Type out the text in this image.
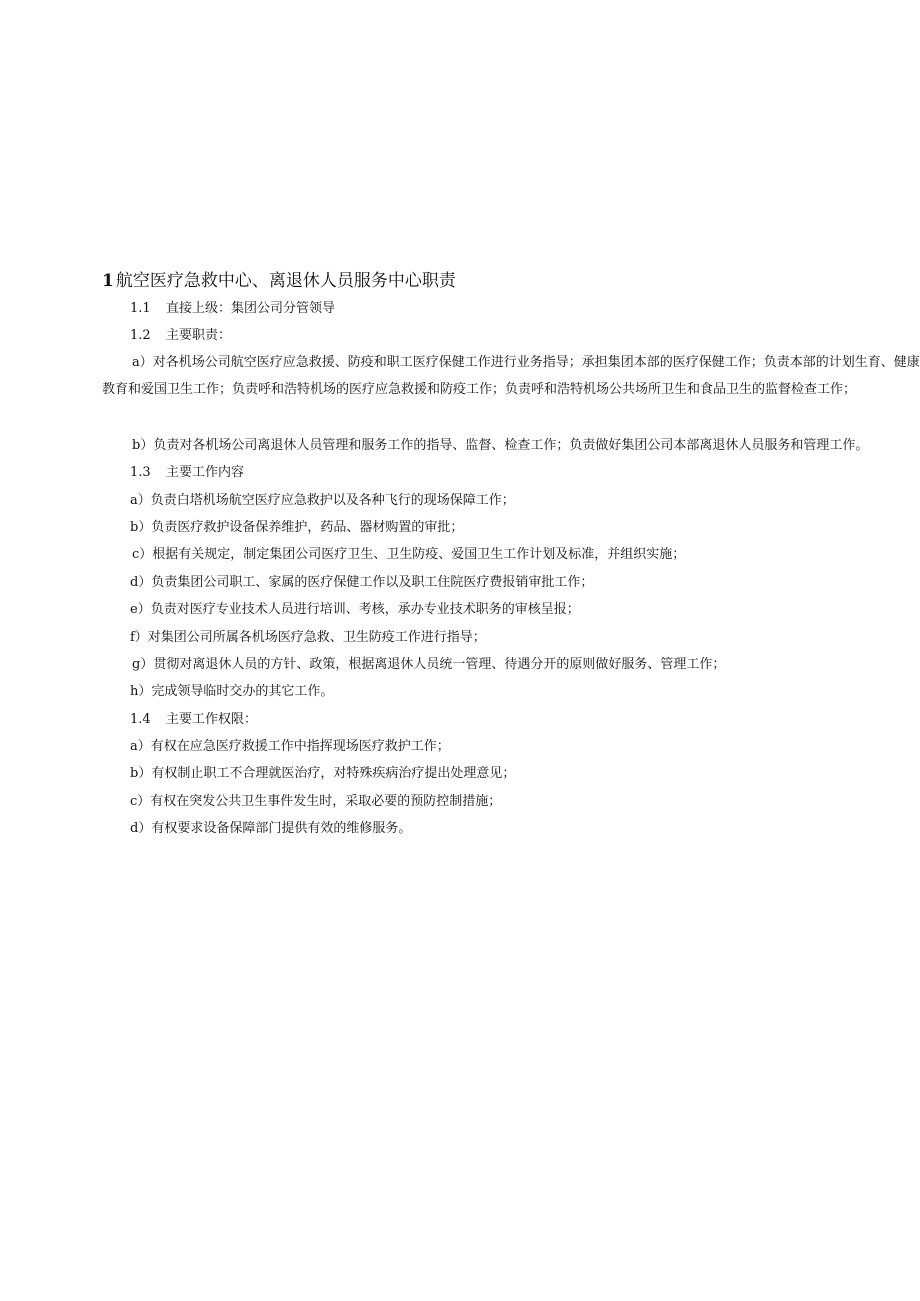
1 航空医疗急救中心、离退休人员服务中心职责

1.1 直接上级：集团公司分管领导

1.2 主要职责：

a）对各机场公司航空医疗应急救援、防疫和职工医疗保健工作进行业务指导；承担集团本部的医疗保健工作；负责本部的计划生育、健康教育和爱国卫生工作；负责呼和浩特机场的医疗应急救援和防疫工作；负责呼和浩特机场公共场所卫生和食品卫生的监督检查工作；

b）负责对各机场公司离退休人员管理和服务工作的指导、监督、检查工作；负责做好集团公司本部离退休人员服务和管理工作。

1.3 主要工作内容

a）负责白塔机场航空医疗应急救护以及各种飞行的现场保障工作；

b）负责医疗救护设备保养维护，药品、器材购置的审批；

c）根据有关规定，制定集团公司医疗卫生、卫生防疫、爱国卫生工作计划及标准，并组织实施；

d）负责集团公司职工、家属的医疗保健工作以及职工住院医疗费报销审批工作；

e）负责对医疗专业技术人员进行培训、考核，承办专业技术职务的审核呈报；

f）对集团公司所属各机场医疗急救、卫生防疫工作进行指导；

g）贯彻对离退休人员的方针、政策，根据离退休人员统一管理、待遇分开的原则做好服务、管理工作；

h）完成领导临时交办的其它工作。

1.4 主要工作权限：

a）有权在应急医疗救援工作中指挥现场医疗救护工作；

b）有权制止职工不合理就医治疗，对特殊疾病治疗提出处理意见；

c）有权在突发公共卫生事件发生时，采取必要的预防控制措施；

d）有权要求设备保障部门提供有效的维修服务。
